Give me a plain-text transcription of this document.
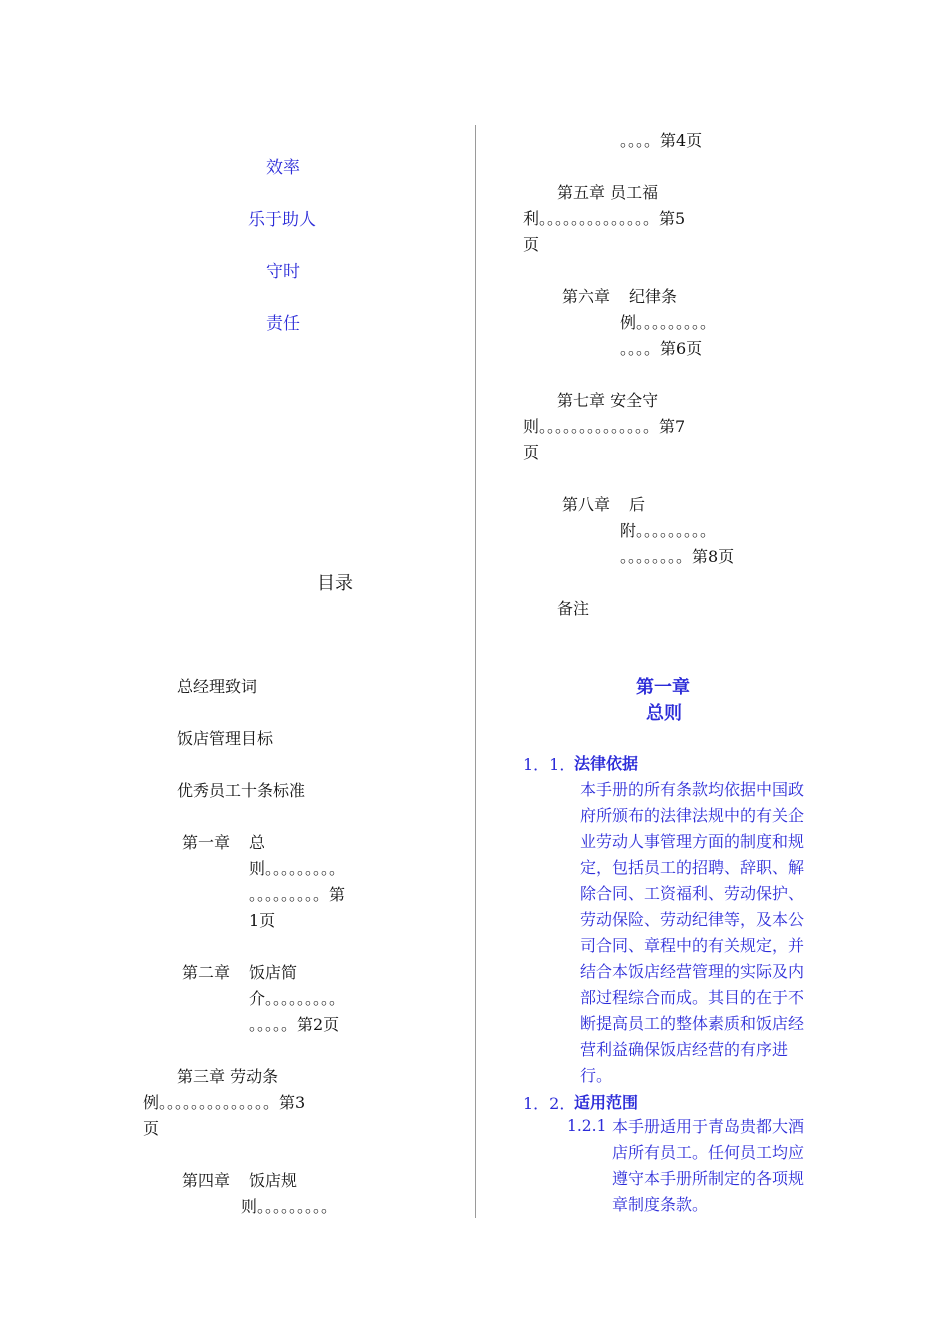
效率
乐于助人
守时
责任
目录
总经理致词
饭店管理目标
优秀员工十条标准
第一章 总
则。。。。。。。。。
。。。。。。。。。第
1页
第二章 饭店简
介。。。。。。。。。
。。。。。第2页
第三章 劳动条
例。。。。。。。。。。。。。。第3
页
第四章 饭店规
则。。。。。。。。。
。。。。第4页
第五章 员工福
利。。。。。。。。。。。。。。第5
页
第六章 纪律条
例。。。。。。。。。
。。。。第6页
第七章 安全守
则。。。。。。。。。。。。。。第7
页
第八章 后
附。。。。。。。。。
。。。。。。。。第8页
备注
第一章
总则
1．1．
法律依据
本手册的所有条款均依据中国政府所颁布的法律法规中的有关企业劳动人事管理方面的制度和规定，包括员工的招聘、辞职、解除合同、工资福利、劳动保护、劳动保险、劳动纪律等，及本公司合同、章程中的有关规定，并结合本饭店经营管理的实际及内部过程综合而成。其目的在于不断提高员工的整体素质和饭店经营利益确保饭店经营的有序进行。
1．2．
适用范围
1.2.1 本手册适用于青岛贵都大酒店所有员工。任何员工均应遵守本手册所制定的各项规章制度条款。
